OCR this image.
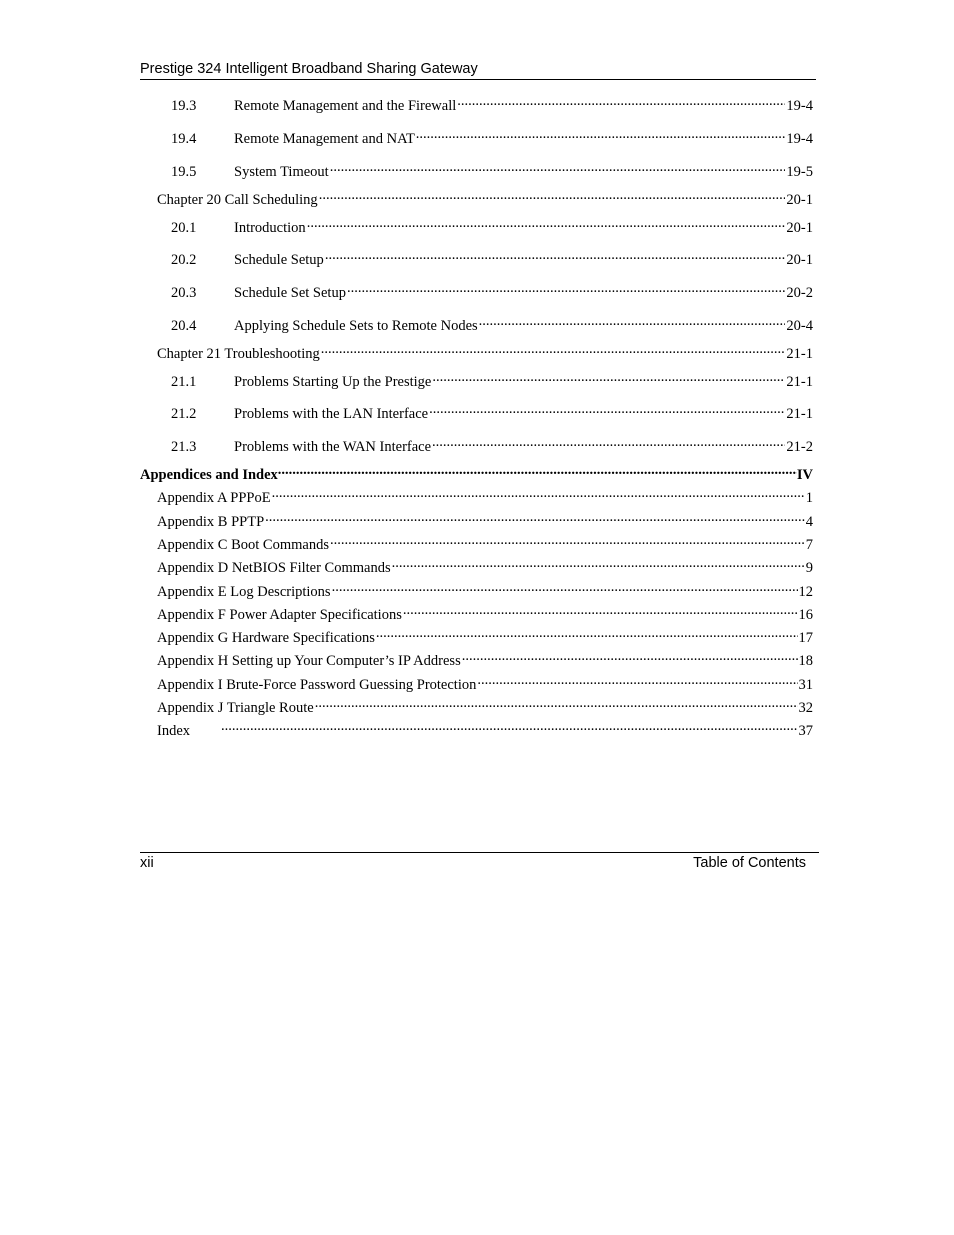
Prestige 324 Intelligent Broadband Sharing Gateway
19.3	Remote Management and the Firewall .....	19-4
19.4	Remote Management and NAT .....	19-4
19.5	System Timeout .....	19-5
Chapter 20 Call Scheduling .....	20-1
20.1	Introduction .....	20-1
20.2	Schedule Setup .....	20-1
20.3	Schedule Set Setup .....	20-2
20.4	Applying Schedule Sets to Remote Nodes .....	20-4
Chapter 21 Troubleshooting .....	21-1
21.1	Problems Starting Up the Prestige .....	21-1
21.2	Problems with the LAN Interface .....	21-1
21.3	Problems with the WAN Interface .....	21-2
Appendices and Index .....	IV
Appendix A PPPoE .....	1
Appendix B PPTP .....	4
Appendix C Boot Commands .....	7
Appendix D NetBIOS Filter Commands .....	9
Appendix E Log Descriptions .....	12
Appendix F Power Adapter Specifications .....	16
Appendix G Hardware Specifications .....	17
Appendix H Setting up Your Computer’s IP Address .....	18
Appendix I Brute-Force Password Guessing Protection .....	31
Appendix J Triangle Route .....	32
Index .....	37
xii	Table of Contents
